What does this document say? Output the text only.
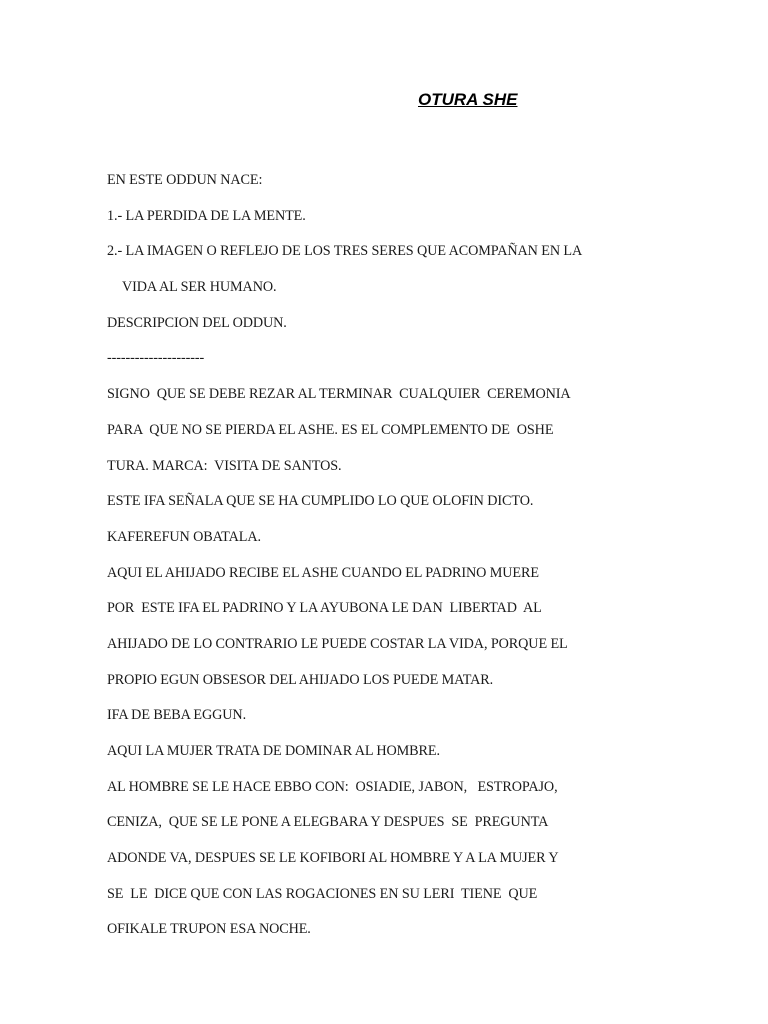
OTURA SHE
EN ESTE ODDUN NACE:
1.- LA PERDIDA DE LA MENTE.
2.- LA IMAGEN O REFLEJO DE LOS TRES SERES QUE ACOMPAÑAN EN LA
VIDA AL SER HUMANO.
DESCRIPCION DEL ODDUN.
---------------------
SIGNO  QUE SE DEBE REZAR AL TERMINAR  CUALQUIER  CEREMONIA
PARA  QUE NO SE PIERDA EL ASHE. ES EL COMPLEMENTO DE  OSHE
TURA. MARCA:  VISITA DE SANTOS.
ESTE IFA SEÑALA QUE SE HA CUMPLIDO LO QUE OLOFIN DICTO.
KAFEREFUN OBATALA.
AQUI EL AHIJADO RECIBE EL ASHE CUANDO EL PADRINO MUERE
POR  ESTE IFA EL PADRINO Y LA AYUBONA LE DAN  LIBERTAD  AL
AHIJADO DE LO CONTRARIO LE PUEDE COSTAR LA VIDA, PORQUE EL
PROPIO EGUN OBSESOR DEL AHIJADO LOS PUEDE MATAR.
IFA DE BEBA EGGUN.
AQUI LA MUJER TRATA DE DOMINAR AL HOMBRE.
AL HOMBRE SE LE HACE EBBO CON:  OSIADIE, JABON,   ESTROPAJO,
CENIZA,  QUE SE LE PONE A ELEGBARA Y DESPUES  SE  PREGUNTA
ADONDE VA, DESPUES SE LE KOFIBORI AL HOMBRE Y A LA MUJER Y
SE  LE  DICE QUE CON LAS ROGACIONES EN SU LERI  TIENE  QUE
OFIKALE TRUPON ESA NOCHE.
